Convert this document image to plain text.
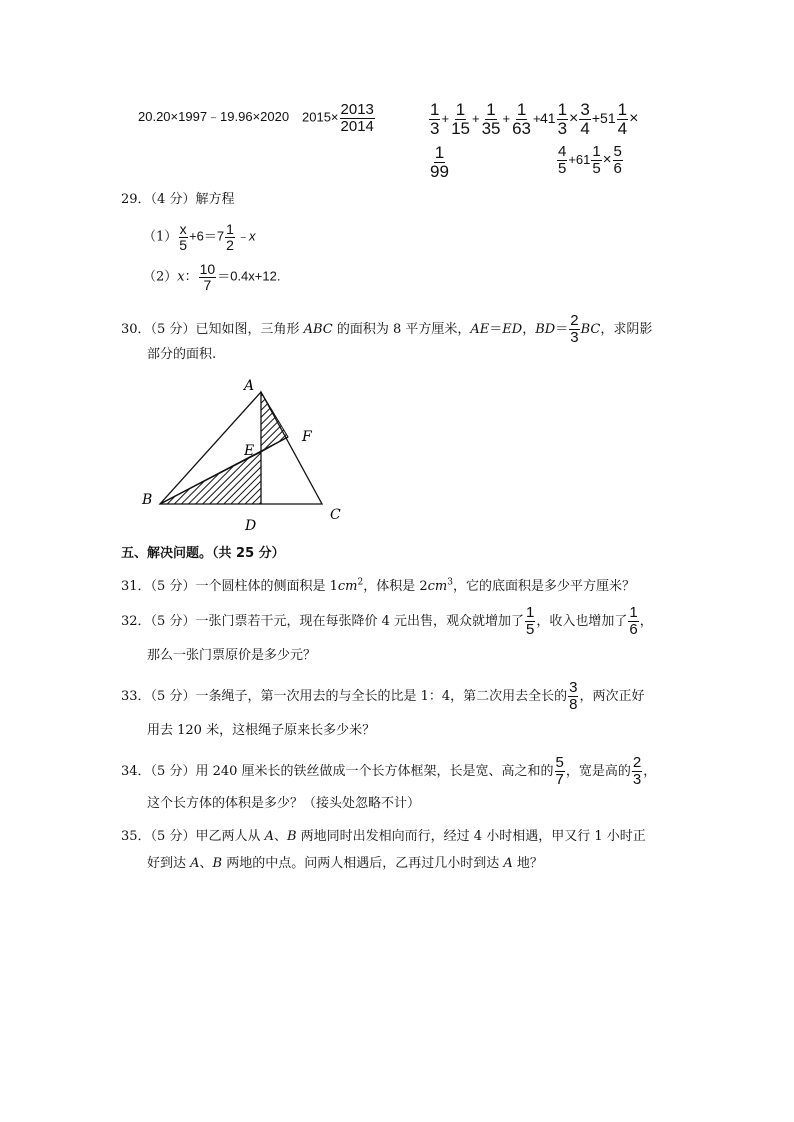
20.20×1997﹣19.96×2020 $2015\times \frac{2013}{2014}$	$\frac{1}{3} + \frac{1}{15} + \frac{1}{35} + \frac{1}{63}$ +
$\frac{1}{99}$
$41 \frac{1}{3} \times \frac{3}{4} +51 \frac{1}{4}$ ×
$\frac{4}{5} +61 \frac{1}{5} \times \frac{5}{6}$
29．（4 分）解方程
$(1) \frac{x}{5} +6=7 \frac{1}{2}$ ﹣x
（2）x： $\frac{10}{7} =0.4x+12$.
30．（5 分）已知如图，三角形 ABC 的面积为 8 平方厘米，AE＝ED，$BD= \frac{2}{3}$ BC，求阴影
部分的面积.
A
B
C
D
E
F
五、解决问题。（共 25 分）
31．（5 分）一个圆柱体的侧面积是 $1cm^2$，体积是 $2cm^3$，它的底面积是多少平方厘米？
32．（5 分）一张门票若干元，现在每张降价 4 元出售，观众就增加了 $\frac{1}{5}$ ，收入也增加了 $\frac{1}{6}$ ，
那么一张门票原价是多少元？
33．（5 分）一条绳子，第一次用去的与全长的比是 1：4，第二次用去全长的 $\frac{3}{8}$ ，两次正好
用去 120 米，这根绳子原来长多少米？
34．（5 分）用 240 厘米长的铁丝做成一个长方体框架，长是宽、高之和的 $\frac{5}{7}$ ，宽是高的 $\frac{2}{3}$ ，
这个长方体的体积是多少？（接头处忽略不计）
35．（5 分）甲乙两人从 A、B 两地同时出发相向而行，经过 4 小时相遇，甲又行 1 小时正
好到达 A、B 两地的中点。问两人相遇后，乙再过几小时到达 A 地？
